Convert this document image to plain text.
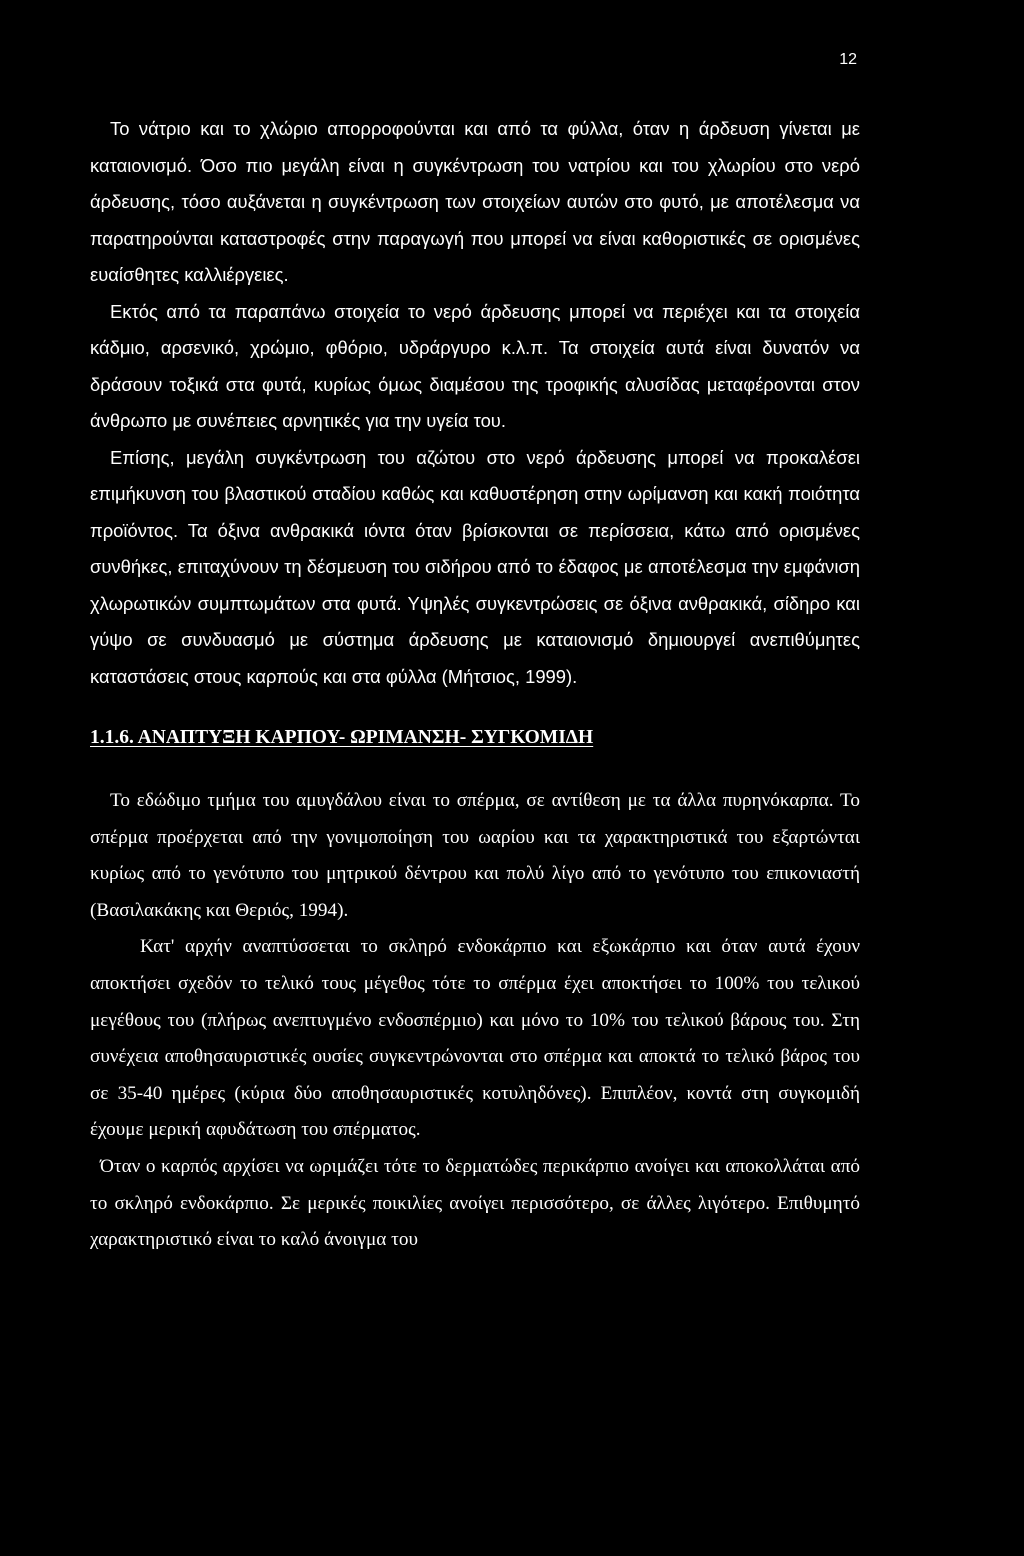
12

Το νάτριο και το χλώριο απορροφούνται και από τα φύλλα, όταν η άρδευση γίνεται με καταιονισμό. Όσο πιο μεγάλη είναι η συγκέντρωση του νατρίου και του χλωρίου στο νερό άρδευσης, τόσο αυξάνεται η συγκέντρωση των στοιχείων αυτών στο φυτό, με αποτέλεσμα να παρατηρούνται καταστροφές στην παραγωγή που μπορεί να είναι καθοριστικές σε ορισμένες ευαίσθητες καλλιέργειες.

Εκτός από τα παραπάνω στοιχεία το νερό άρδευσης μπορεί να περιέχει και τα στοιχεία κάδμιο, αρσενικό, χρώμιο, φθόριο, υδράργυρο κ.λ.π. Τα στοιχεία αυτά είναι δυνατόν να δράσουν τοξικά στα φυτά, κυρίως όμως διαμέσου της τροφικής αλυσίδας μεταφέρονται στον άνθρωπο με συνέπειες αρνητικές για την υγεία του.

Επίσης, μεγάλη συγκέντρωση του αζώτου στο νερό άρδευσης μπορεί να προκαλέσει επιμήκυνση του βλαστικού σταδίου καθώς και καθυστέρηση στην ωρίμανση και κακή ποιότητα προϊόντος. Τα όξινα ανθρακικά ιόντα όταν βρίσκονται σε περίσσεια, κάτω από ορισμένες συνθήκες, επιταχύνουν τη δέσμευση του σιδήρου από το έδαφος με αποτέλεσμα την εμφάνιση χλωρωτικών συμπτωμάτων στα φυτά. Υψηλές συγκεντρώσεις σε όξινα ανθρακικά, σίδηρο και γύψο σε συνδυασμό με σύστημα άρδευσης με καταιονισμό δημιουργεί ανεπιθύμητες καταστάσεις στους καρπούς και στα φύλλα (Μήτσιος, 1999).

1.1.6. ΑΝΑΠΤΥΞΗ ΚΑΡΠΟΥ- ΩΡΙΜΑΝΣΗ- ΣΥΓΚΟΜΙΔΗ

Το εδώδιμο τμήμα του αμυγδάλου είναι το σπέρμα, σε αντίθεση με τα άλλα πυρηνόκαρπα. Το σπέρμα προέρχεται από την γονιμοποίηση του ωαρίου και τα χαρακτηριστικά του εξαρτώνται κυρίως από το γενότυπο του μητρικού δέντρου και πολύ λίγο από το γενότυπο του επικονιαστή (Βασιλακάκης και Θεριός, 1994).

Κατ' αρχήν αναπτύσσεται το σκληρό ενδοκάρπιο και εξωκάρπιο και όταν αυτά έχουν αποκτήσει σχεδόν το τελικό τους μέγεθος τότε το σπέρμα έχει αποκτήσει το 100% του τελικού μεγέθους του (πλήρως ανεπτυγμένο ενδοσπέρμιο) και μόνο το 10% του τελικού βάρους του. Στη συνέχεια αποθησαυριστικές ουσίες συγκεντρώνονται στο σπέρμα και αποκτά το τελικό βάρος του σε 35-40 ημέρες (κύρια δύο αποθησαυριστικές κοτυληδόνες). Επιπλέον, κοντά στη συγκομιδή έχουμε μερική αφυδάτωση του σπέρματος.

Όταν ο καρπός αρχίσει να ωριμάζει τότε το δερματώδες περικάρπιο ανοίγει και αποκολλάται από το σκληρό ενδοκάρπιο. Σε μερικές ποικιλίες ανοίγει περισσότερο, σε άλλες λιγότερο. Επιθυμητό χαρακτηριστικό είναι το καλό άνοιγμα του
